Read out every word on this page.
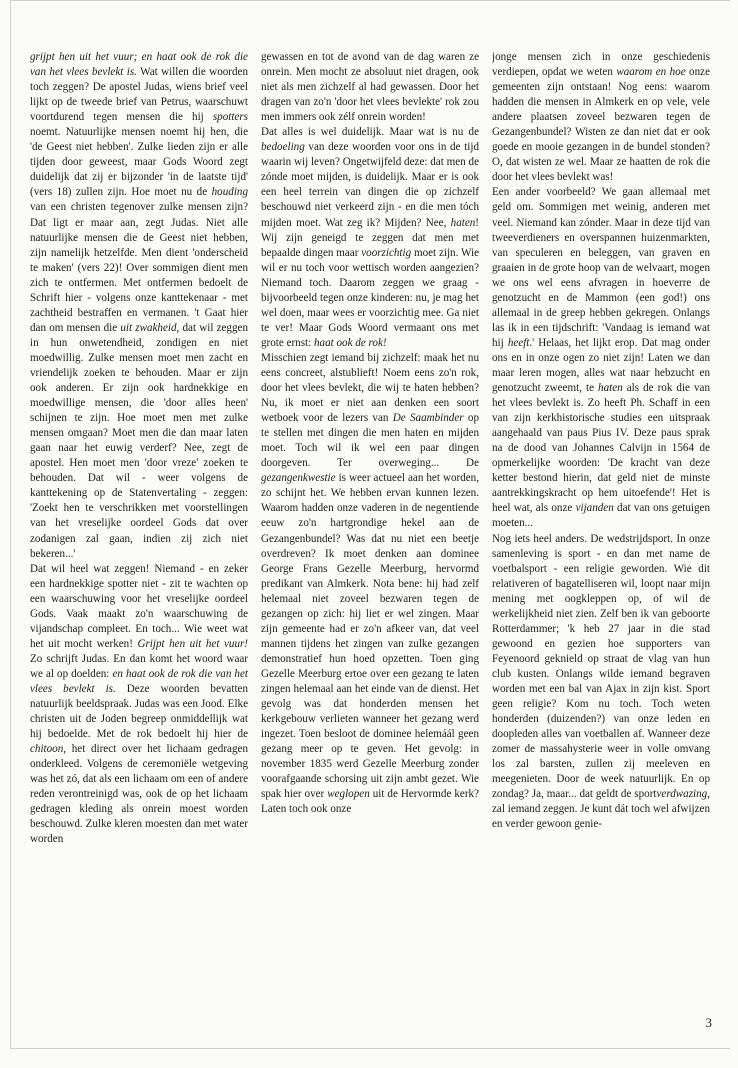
grijpt hen uit het vuur; en haat ook de rok die van het vlees bevlekt is. Wat willen die woorden toch zeggen? De apostel Judas, wiens brief veel lijkt op de tweede brief van Petrus, waarschuwt voortdurend tegen mensen die hij spotters noemt. Natuurlijke mensen noemt hij hen, die 'de Geest niet hebben'. Zulke lieden zijn er alle tijden door geweest, maar Gods Woord zegt duidelijk dat zij er bijzonder 'in de laatste tijd' (vers 18) zullen zijn. Hoe moet nu de houding van een christen tegenover zulke mensen zijn? Dat ligt er maar aan, zegt Judas. Niet alle natuurlijke mensen die de Geest niet hebben, zijn namelijk hetzelfde. Men dient 'onderscheid te maken' (vers 22)! Over sommigen dient men zich te ontfermen. Met ontfermen bedoelt de Schrift hier - volgens onze kanttekenaar - met zachtheid bestraffen en vermanen. 't Gaat hier dan om mensen die uit zwakheid, dat wil zeggen in hun onwetendheid, zondigen en niet moedwillig. Zulke mensen moet men zacht en vriendelijk zoeken te behouden. Maar er zijn ook anderen. Er zijn ook hardnekkige en moedwillige mensen, die 'door alles heen' schijnen te zijn. Hoe moet men met zulke mensen omgaan? Moet men die dan maar laten gaan naar het euwig verderf? Nee, zegt de apostel. Hen moet men 'door vreze' zoeken te behouden. Dat wil - weer volgens de kanttekening op de Statenvertaling - zeggen: 'Zoekt hen te verschrikken met voorstellingen van het vreselijke oordeel Gods dat over zodanigen zal gaan, indien zij zich niet bekeren...'

Dat wil heel wat zeggen! Niemand - en zeker een hardnekkige spotter niet - zit te wachten op een waarschuwing voor het vreselijke oordeel Gods. Vaak maakt zo'n waarschuwing de vijandschap compleet. En toch... Wie weet wat het uit mocht werken! Grijpt hen uit het vuur! Zo schrijft Judas. En dan komt het woord waar we al op doelden: en haat ook de rok die van het vlees bevlekt is. Deze woorden bevatten natuurlijk beeldspraak. Judas was een Jood. Elke christen uit de Joden begreep onmiddellijk wat hij bedoelde. Met de rok bedoelt hij hier de chitoon, het direct over het lichaam gedragen onderkleed. Volgens de ceremoniële wetgeving was het zó, dat als een lichaam om een of andere reden verontreinigd was, ook de op het lichaam gedragen kleding als onrein moest worden beschouwd. Zulke kleren moesten dan met water worden

gewassen en tot de avond van de dag waren ze onrein. Men mocht ze absoluut niet dragen, ook niet als men zichzelf al had gewassen. Door het dragen van zo'n 'door het vlees bevlekte' rok zou men immers ook zélf onrein worden!

Dat alles is wel duidelijk. Maar wat is nu de bedoeling van deze woorden voor ons in de tijd waarin wij leven? Ongetwijfeld deze: dat men de zónde moet mijden, is duidelijk. Maar er is ook een heel terrein van dingen die op zichzelf beschouwd niet verkeerd zijn - en die men tóch mijden moet. Wat zeg ik? Mijden? Nee, haten! Wij zijn geneigd te zeggen dat men met bepaalde dingen maar voorzichtig moet zijn. Wie wil er nu toch voor wettisch worden aangezien? Niemand toch. Daarom zeggen we graag - bijvoorbeeld tegen onze kinderen: nu, je mag het wel doen, maar wees er voorzichtig mee. Ga niet te ver! Maar Gods Woord vermaant ons met grote ernst: haat ook de rok!

Misschien zegt iemand bij zichzelf: maak het nu eens concreet, alstublieft! Noem eens zo'n rok, door het vlees bevlekt, die wij te haten hebben? Nu, ik moet er niet aan denken een soort wetboek voor de lezers van De Saambinder op te stellen met dingen die men haten en mijden moet. Toch wil ik wel een paar dingen doorgeven. Ter overweging... De gezangenkwestie is weer actueel aan het worden, zo schijnt het. We hebben ervan kunnen lezen. Waarom hadden onze vaderen in de negentiende eeuw zo'n hartgrondige hekel aan de Gezangenbundel? Was dat nu niet een beetje overdreven? Ik moet denken aan dominee George Frans Gezelle Meerburg, hervormd predikant van Almkerk. Nota bene: hij had zelf helemaal niet zoveel bezwaren tegen de gezangen op zich: hij liet er wel zingen. Maar zijn gemeente had er zo'n afkeer van, dat veel mannen tijdens het zingen van zulke gezangen demonstratief hun hoed opzetten. Toen ging Gezelle Meerburg ertoe over een gezang te laten zingen helemaal aan het einde van de dienst. Het gevolg was dat honderden mensen het kerkgebouw verlieten wanneer het gezang werd ingezet. Toen besloot de dominee helemáál geen gezang meer op te geven. Het gevolg: in november 1835 werd Gezelle Meerburg zonder voorafgaande schorsing uit zijn ambt gezet. Wie spak hier over weglopen uit de Hervormde kerk? Laten toch ook onze

jonge mensen zich in onze geschiedenis verdiepen, opdat we weten waarom en hoe onze gemeenten zijn ontstaan! Nog eens: waarom hadden die mensen in Almkerk en op vele, vele andere plaatsen zoveel bezwaren tegen de Gezangenbundel? Wisten ze dan niet dat er ook goede en mooie gezangen in de bundel stonden? O, dat wisten ze wel. Maar ze haatten de rok die door het vlees bevlekt was!

Een ander voorbeeld? We gaan allemaal met geld om. Sommigen met weinig, anderen met veel. Niemand kan zónder. Maar in deze tijd van tweeverdieners en overspannen huizenmarkten, van speculeren en beleggen, van graven en graaien in de grote hoop van de welvaart, mogen we ons wel eens afvragen in hoeverre de genotzucht en de Mammon (een god!) ons allemaal in de greep hebben gekregen. Onlangs las ik in een tijdschrift: 'Vandaag is iemand wat hij heeft.' Helaas, het lijkt erop. Dat mag onder ons en in onze ogen zo niet zijn! Laten we dan maar leren mogen, alles wat naar hebzucht en genotzucht zweemt, te haten als de rok die van het vlees bevlekt is. Zo heeft Ph. Schaff in een van zijn kerkhistorische studies een uitspraak aangehaald van paus Pius IV. Deze paus sprak na de dood van Johannes Calvijn in 1564 de opmerkelijke woorden: 'De kracht van deze ketter bestond hierin, dat geld niet de minste aantrekkingskracht op hem uitoefende'! Het is heel wat, als onze vijanden dat van ons getuigen moeten...

Nog iets heel anders. De wedstrijdsport. In onze samenleving is sport - en dan met name de voetbalsport - een religie geworden. Wie dit relativeren of bagatelliseren wil, loopt naar mijn mening met oogkleppen op, of wil de werkelijkheid niet zien. Zelf ben ik van geboorte Rotterdammer; 'k heb 27 jaar in die stad gewoond en gezien hoe supporters van Feyenoord geknield op straat de vlag van hun club kusten. Onlangs wilde iemand begraven worden met een bal van Ajax in zijn kist. Sport geen religie? Kom nu toch. Toch weten honderden (duizenden?) van onze leden en doopleden alles van voetballen af. Wanneer deze zomer de massahysterie weer in volle omvang los zal barsten, zullen zij meeleven en meegenieten. Door de week natuurlijk. En op zondag? Ja, maar... dat geldt de sportverdwazing, zal iemand zeggen. Je kunt dát toch wel afwijzen en verder gewoon genie-

3
